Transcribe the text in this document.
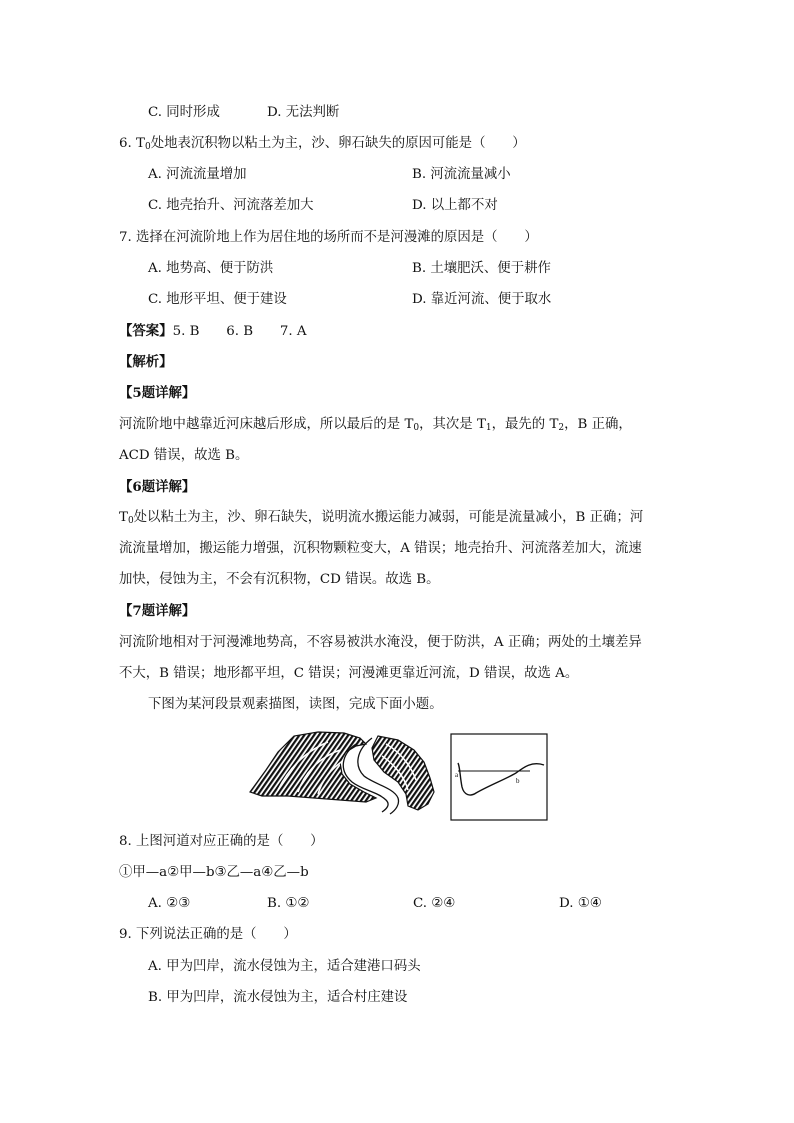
C. 同时形成	D. 无法判断
6. $T_0$处地表沉积物以粘土为主，沙、卵石缺失的原因可能是（　　）
A. 河流流量增加	B. 河流流量减小
C. 地壳抬升、河流落差加大	D. 以上都不对
7. 选择在河流阶地上作为居住地的场所而不是河漫滩的原因是（　　）
A. 地势高、便于防洪	B. 土壤肥沃、便于耕作
C. 地形平坦、便于建设	D. 靠近河流、便于取水
【答案】5. B　　6. B　　7. A
【解析】
【5题详解】
河流阶地中越靠近河床越后形成，所以最后的是 $T_0$，其次是 $T_1$，最先的 $T_2$，B 正确，
ACD 错误，故选 B。
【6题详解】
$T_0$处以粘土为主，沙、卵石缺失，说明流水搬运能力减弱，可能是流量减小，B 正确；河
流流量增加，搬运能力增强，沉积物颗粒变大，A 错误；地壳抬升、河流落差加大，流速
加快，侵蚀为主，不会有沉积物，CD 错误。故选 B。
【7题详解】
河流阶地相对于河漫滩地势高，不容易被洪水淹没，便于防洪，A 正确；两处的土壤差异
不大，B 错误；地形都平坦，C 错误；河漫滩更靠近河流，D 错误，故选 A。
下图为某河段景观素描图，读图，完成下面小题。
a
b
8. 上图河道对应正确的是（　　）
①甲—a②甲—b③乙—a④乙—b
A. ②③	B. ①②	C. ②④	D. ①④
9. 下列说法正确的是（　　）
A. 甲为凹岸，流水侵蚀为主，适合建港口码头
B. 甲为凹岸，流水侵蚀为主，适合村庄建设
